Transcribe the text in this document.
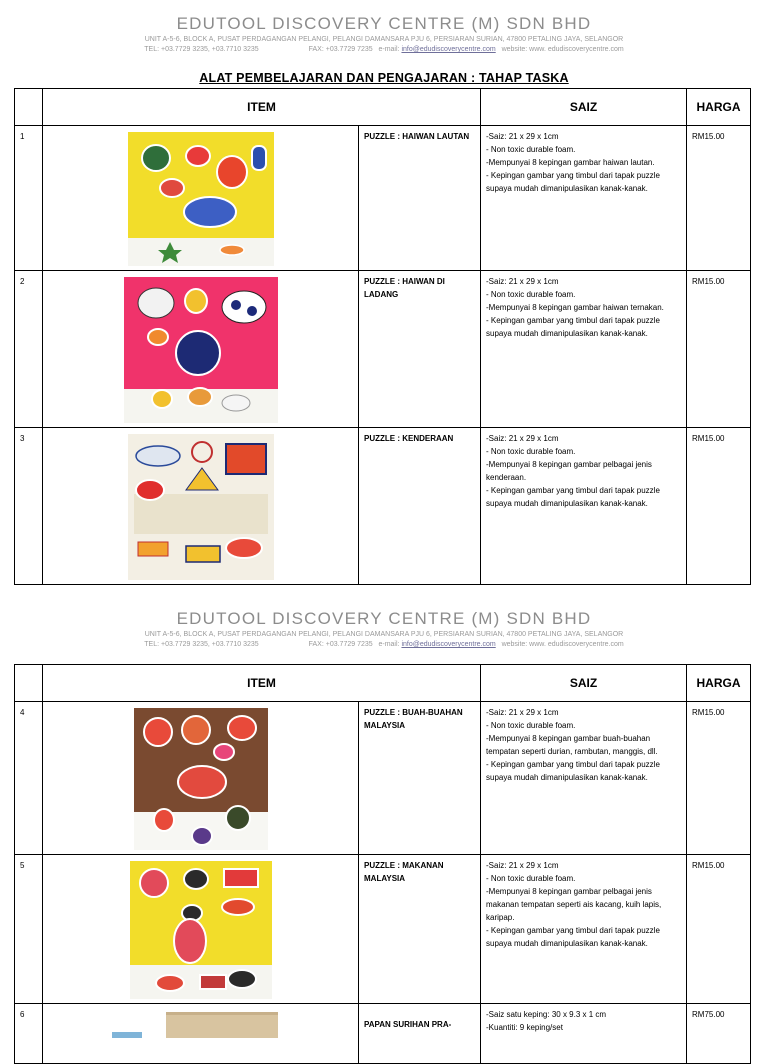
EDUTOOL DISCOVERY CENTRE (M) SDN BHD
UNIT A-5-6, BLOCK A, PUSAT PERDAGANGAN PELANGI, PELANGI DAMANSARA PJU 6, PERSIARAN SURIAN, 47800 PETALING JAYA, SELANGOR
TEL: +03.7729 3235, +03.7710 3235	FAX: +03.7729 7235 e-mail: info@edudiscoverycentre.com website: www. edudiscoverycentre.com
ALAT PEMBELAJARAN DAN PENGAJARAN : TAHAP TASKA
	ITEM		SAIZ	HARGA
1		PUZZLE : HAIWAN LAUTAN	-Saiz: 21 x 29 x 1cm
- Non toxic durable foam.
-Mempunyai 8 kepingan gambar haiwan lautan.
- Kepingan gambar yang timbul dari tapak puzzle supaya mudah dimanipulasikan kanak-kanak.	RM15.00
2		PUZZLE : HAIWAN DI LADANG	-Saiz: 21 x 29 x 1cm
- Non toxic durable foam.
-Mempunyai 8 kepingan gambar haiwan ternakan.
- Kepingan gambar yang timbul dari tapak puzzle supaya mudah dimanipulasikan kanak-kanak.	RM15.00
3		PUZZLE : KENDERAAN	-Saiz: 21 x 29 x 1cm
- Non toxic durable foam.
-Mempunyai 8 kepingan gambar pelbagai jenis kenderaan.
- Kepingan gambar yang timbul dari tapak puzzle supaya mudah dimanipulasikan kanak-kanak.	RM15.00
EDUTOOL DISCOVERY CENTRE (M) SDN BHD
UNIT A-5-6, BLOCK A, PUSAT PERDAGANGAN PELANGI, PELANGI DAMANSARA PJU 6, PERSIARAN SURIAN, 47800 PETALING JAYA, SELANGOR
TEL: +03.7729 3235, +03.7710 3235	FAX: +03.7729 7235 e-mail: info@edudiscoverycentre.com website: www. edudiscoverycentre.com
	ITEM		SAIZ	HARGA
4		PUZZLE : BUAH-BUAHAN MALAYSIA	-Saiz: 21 x 29 x 1cm
- Non toxic durable foam.
-Mempunyai 8 kepingan gambar buah-buahan tempatan seperti durian, rambutan, manggis, dll.
- Kepingan gambar yang timbul dari tapak puzzle supaya mudah dimanipulasikan kanak-kanak.	RM15.00
5		PUZZLE : MAKANAN MALAYSIA	-Saiz: 21 x 29 x 1cm
- Non toxic durable foam.
-Mempunyai 8 kepingan gambar pelbagai jenis makanan tempatan seperti ais kacang, kuih lapis, karipap.
- Kepingan gambar yang timbul dari tapak puzzle supaya mudah dimanipulasikan kanak-kanak.	RM15.00
6		PAPAN SURIHAN PRA-	-Saiz satu keping: 30 x 9.3 x 1 cm
-Kuantiti: 9 keping/set	RM75.00
